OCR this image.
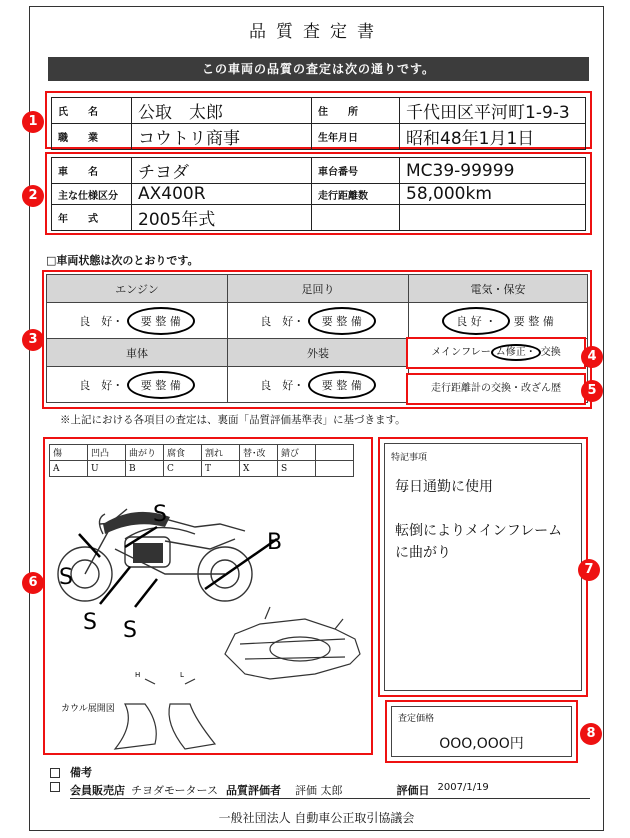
品質査定書
この車両の品質の査定は次の通りです。
氏　　名	公取　太郎	住　　所	千代田区平河町1-9-3
職　　業	コウトリ商事	生年月日	昭和48年1月1日
1
車　　名	チヨダ	車台番号	MC39-99999
主な仕様区分	AX400R	走行距離数	58,000km
年　　式	2005年式		
2
□車両状態は次のとおりです。
エンジン	足回り	電気・保安
良　好・ 要 整 備	良　好・ 要 整 備	良 好 ・ 要 整 備
車体	外装	
良　好・ 要 整 備	良　好・ 要 整 備	
メインフレー ム修正・ 交換
走行距離計の交換・改ざん歴
3
4
5
※上記における各項目の査定は、裏面「品質評価基準表」に基づきます。
傷	凹凸	曲がり	腐食	割れ	替･改	錆び	
A	U	B	C	T	X	S	
S
S
S S
B
カウル展開図
H	L
6
特記事項
毎日通勤に使用
転倒によりメインフレームに曲がり
7
査定価格
OOO,OOO円
8
備考
会員販売店 チヨダモータース 品質評価者 評価 太郎	評価日 2007/1/19
一般社団法人 自動車公正取引協議会
